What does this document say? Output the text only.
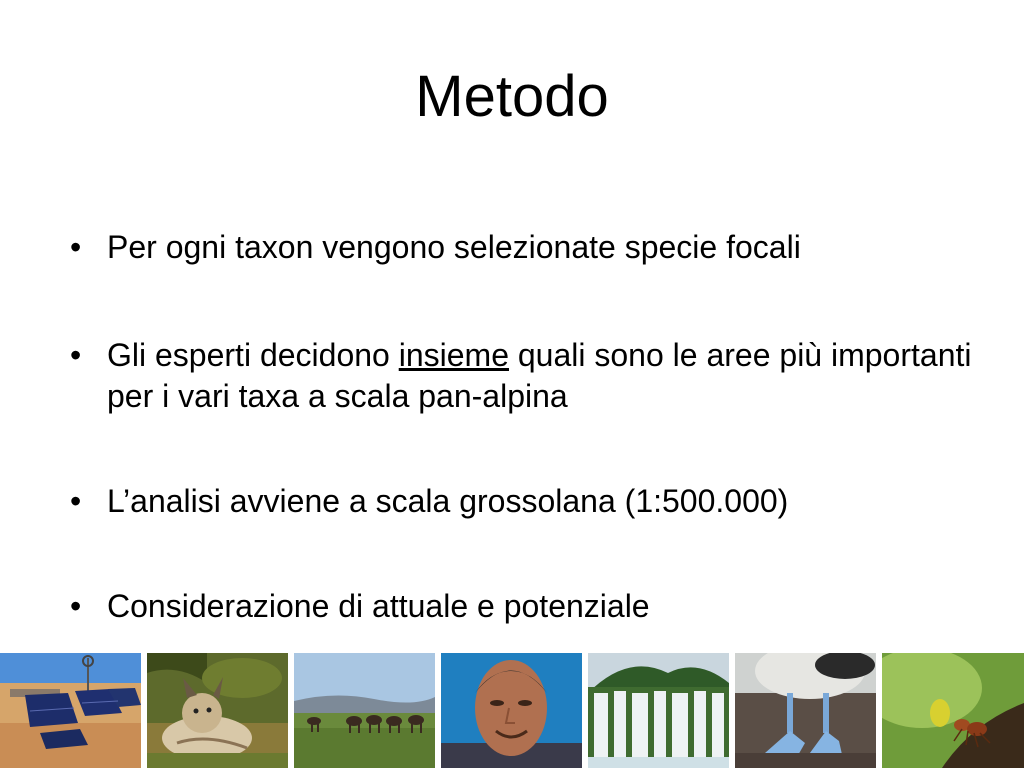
Metodo
• Per ogni taxon vengono selezionate specie focali
• Gli esperti decidono insieme quali sono le aree più importanti per i vari taxa a scala pan-alpina
• L’analisi avviene a scala grossolana (1:500.000)
• Considerazione di attuale e potenziale
